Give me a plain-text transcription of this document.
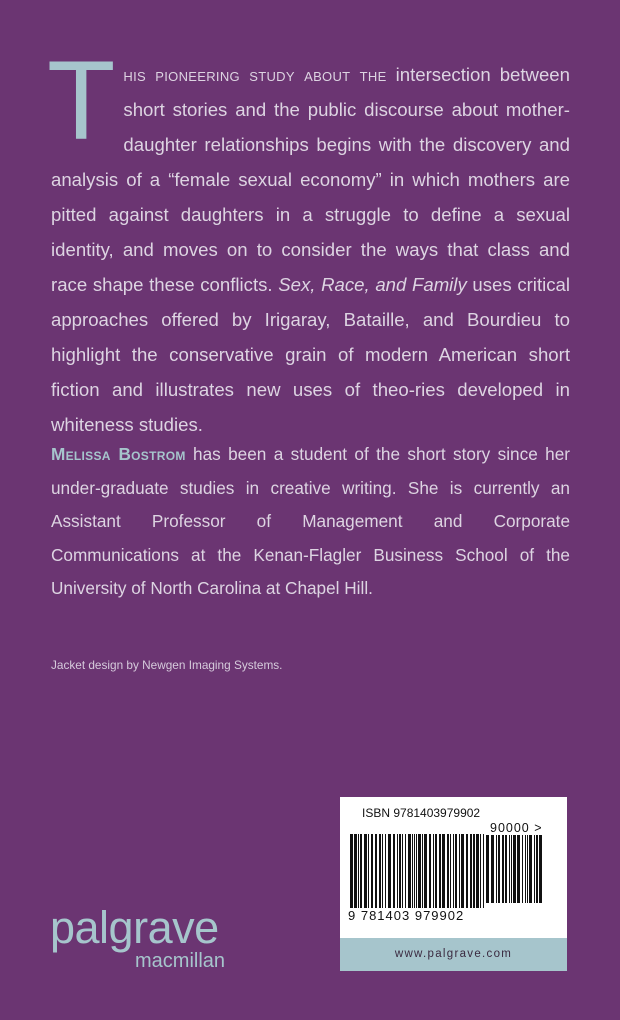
This pioneering study about the intersection between short stories and the public discourse about mother-daughter relationships begins with the discovery and analysis of a “female sexual economy” in which mothers are pitted against daughters in a struggle to define a sexual identity, and moves on to consider the ways that class and race shape these conflicts. Sex, Race, and Family uses critical approaches offered by Irigaray, Bataille, and Bourdieu to highlight the conservative grain of modern American short fiction and illustrates new uses of theo-ries developed in whiteness studies.
Melissa Bostrom has been a student of the short story since her under-graduate studies in creative writing. She is currently an Assistant Professor of Management and Corporate Communications at the Kenan-Flagler Business School of the University of North Carolina at Chapel Hill.
Jacket design by Newgen Imaging Systems.
palgrave
macmillan
ISBN 9781403979902
90000 >
9 781403 979902
www.palgrave.com
